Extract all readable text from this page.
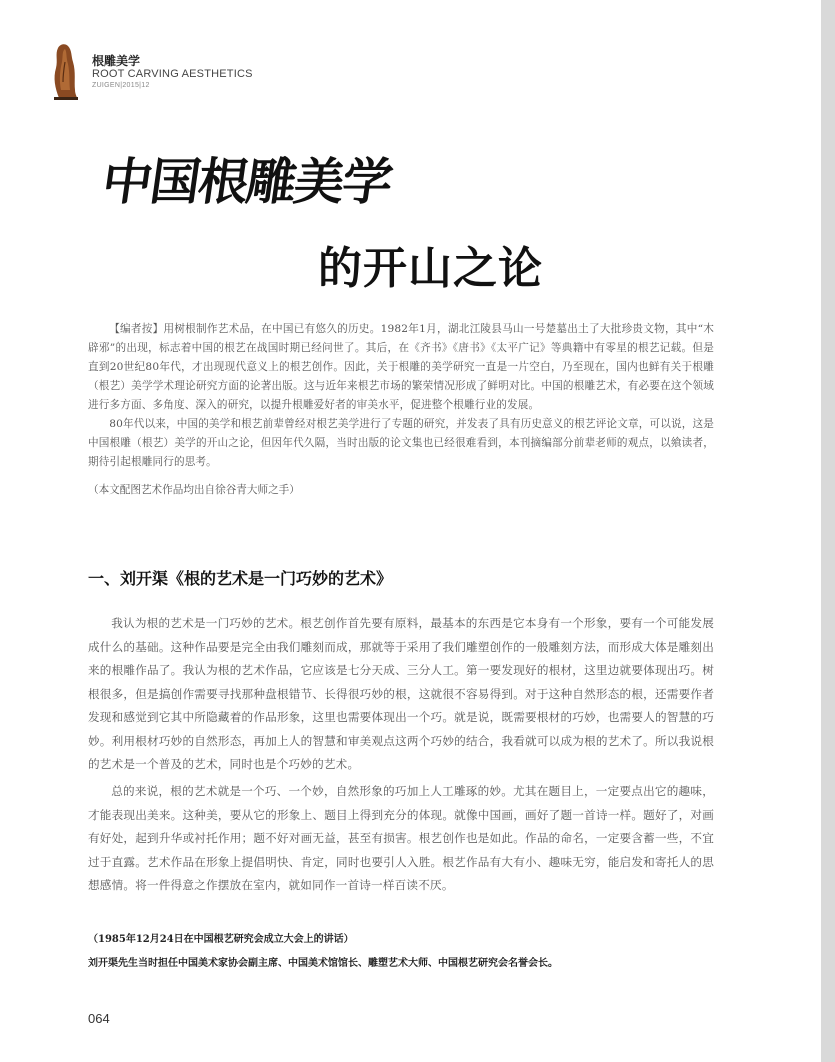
根雕美学
ROOT CARVING AESTHETICS
ZUIGEN|2015|12
中国根雕美学
的开山之论

【编者按】用树根制作艺术品，在中国已有悠久的历史。1982年1月，湖北江陵县马山一号楚墓出土了大批珍贵文物，其中“木辟邪”的出现，标志着中国的根艺在战国时期已经问世了。其后，在《齐书》《唐书》《太平广记》等典籍中有零星的根艺记载。但是直到20世纪80年代，才出现现代意义上的根艺创作。因此，关于根雕的美学研究一直是一片空白，乃至现在，国内也鲜有关于根雕（根艺）美学学术理论研究方面的论著出版。这与近年来根艺市场的繁荣情况形成了鲜明对比。中国的根雕艺术，有必要在这个领域进行多方面、多角度、深入的研究，以提升根雕爱好者的审美水平，促进整个根雕行业的发展。

80年代以来，中国的美学和根艺前辈曾经对根艺美学进行了专题的研究，并发表了具有历史意义的根艺评论文章，可以说，这是中国根雕（根艺）美学的开山之论，但因年代久隔，当时出版的论文集也已经很难看到，本刊摘编部分前辈老师的观点，以飨读者，期待引起根雕同行的思考。

（本文配图艺术作品均出自徐谷青大师之手）

一、刘开渠《根的艺术是一门巧妙的艺术》

我认为根的艺术是一门巧妙的艺术。根艺创作首先要有原料，最基本的东西是它本身有一个形象，要有一个可能发展成什么的基础。这种作品要是完全由我们雕刻而成，那就等于采用了我们雕塑创作的一般雕刻方法，而形成大体是雕刻出来的根雕作品了。我认为根的艺术作品，它应该是七分天成、三分人工。第一要发现好的根材，这里边就要体现出巧。树根很多，但是搞创作需要寻找那种盘根错节、长得很巧妙的根，这就很不容易得到。对于这种自然形态的根，还需要作者发现和感觉到它其中所隐藏着的作品形象，这里也需要体现出一个巧。就是说，既需要根材的巧妙，也需要人的智慧的巧妙。利用根材巧妙的自然形态，再加上人的智慧和审美观点这两个巧妙的结合，我看就可以成为根的艺术了。所以我说根的艺术是一个普及的艺术，同时也是个巧妙的艺术。

总的来说，根的艺术就是一个巧、一个妙，自然形象的巧加上人工雕琢的妙。尤其在题目上，一定要点出它的趣味，才能表现出美来。这种美，要从它的形象上、题目上得到充分的体现。就像中国画，画好了题一首诗一样。题好了，对画有好处，起到升华或衬托作用；题不好对画无益，甚至有损害。根艺创作也是如此。作品的命名，一定要含蓄一些，不宜过于直露。艺术作品在形象上提倡明快、肯定，同时也要引人入胜。根艺作品有大有小、趣味无穷，能启发和寄托人的思想感情。将一件得意之作摆放在室内，就如同作一首诗一样百读不厌。

（1985年12月24日在中国根艺研究会成立大会上的讲话）

刘开渠先生当时担任中国美术家协会副主席、中国美术馆馆长、雕塑艺术大师、中国根艺研究会名誉会长。

064
